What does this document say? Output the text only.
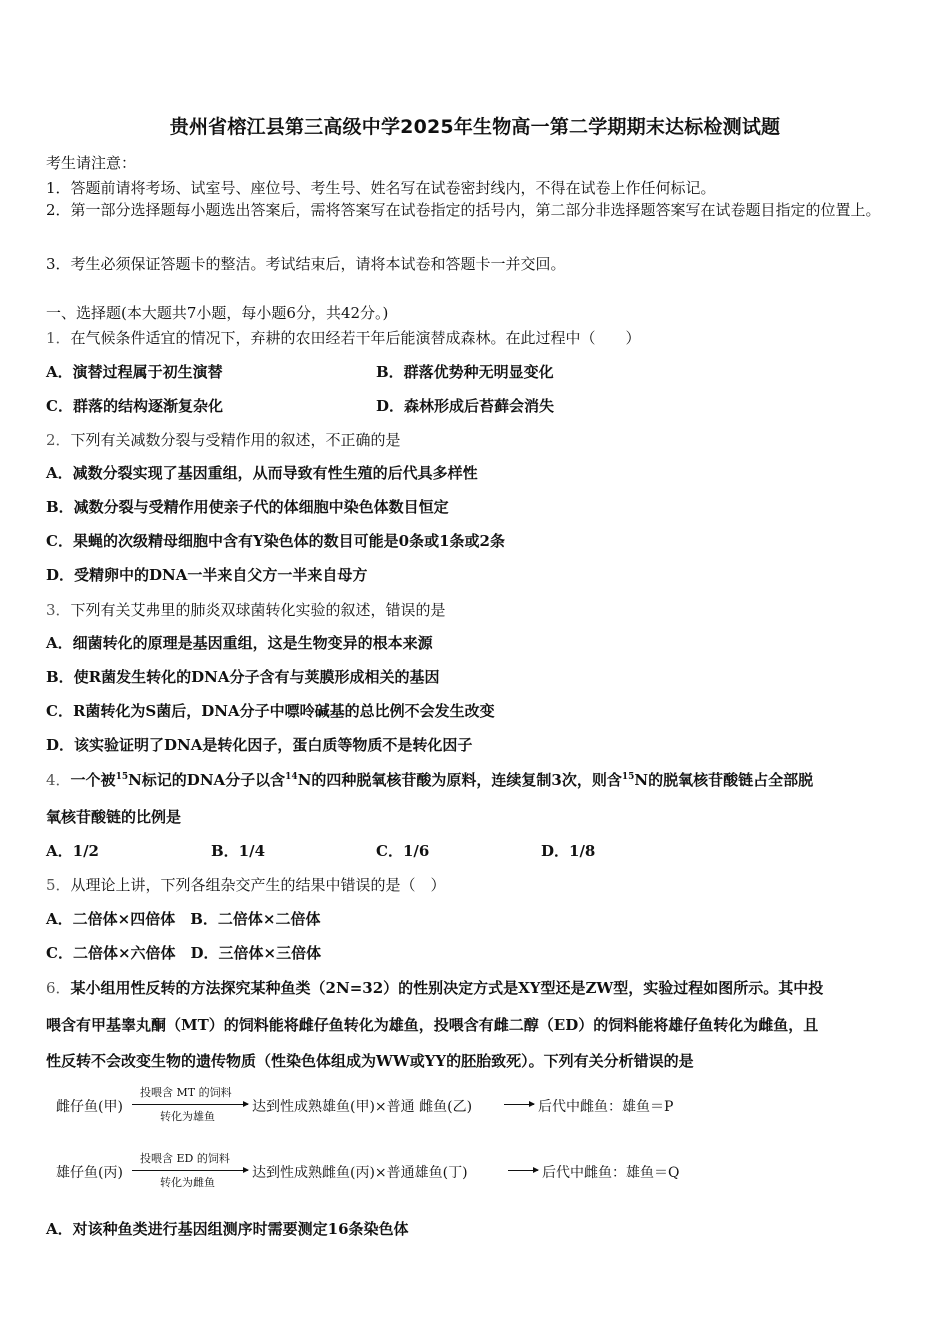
贵州省榕江县第三高级中学2025年生物高一第二学期期末达标检测试题
考生请注意：
1．答题前请将考场、试室号、座位号、考生号、姓名写在试卷密封线内，不得在试卷上作任何标记。
2．第一部分选择题每小题选出答案后，需将答案写在试卷指定的括号内，第二部分非选择题答案写在试卷题目指定的位置上。
3．考生必须保证答题卡的整洁。考试结束后，请将本试卷和答题卡一并交回。
一、选择题(本大题共7小题，每小题6分，共42分。)
1．在气候条件适宜的情况下，弃耕的农田经若干年后能演替成森林。在此过程中（　　）
A．演替过程属于初生演替	B．群落优势种无明显变化
C．群落的结构逐渐复杂化	D．森林形成后苔藓会消失
2．下列有关减数分裂与受精作用的叙述，不正确的是
A．减数分裂实现了基因重组，从而导致有性生殖的后代具多样性
B．减数分裂与受精作用使亲子代的体细胞中染色体数目恒定
C．果蝇的次级精母细胞中含有Y染色体的数目可能是0条或1条或2条
D．受精卵中的DNA一半来自父方一半来自母方
3．下列有关艾弗里的肺炎双球菌转化实验的叙述，错误的是
A．细菌转化的原理是基因重组，这是生物变异的根本来源
B．使R菌发生转化的DNA分子含有与荚膜形成相关的基因
C．R菌转化为S菌后，DNA分子中嘌呤碱基的总比例不会发生改变
D．该实验证明了DNA是转化因子，蛋白质等物质不是转化因子
4．一个被$^{15}$N标记的DNA分子以含$^{14}$N的四种脱氧核苷酸为原料，连续复制3次，则含$^{15}$N的脱氧核苷酸链占全部脱
氧核苷酸链的比例是
A．1/2	B．1/4	C．1/6	D．1/8
5．从理论上讲，下列各组杂交产生的结果中错误的是（　）
A．二倍体×四倍体　B．二倍体×二倍体
C．二倍体×六倍体　D．三倍体×三倍体
6．某小组用性反转的方法探究某种鱼类（2N=32）的性别决定方式是XY型还是ZW型，实验过程如图所示。其中投
喂含有甲基睾丸酮（MT）的饲料能将雌仔鱼转化为雄鱼，投喂含有雌二醇（ED）的饲料能将雄仔鱼转化为雌鱼，且
性反转不会改变生物的遗传物质（性染色体组成为WW或YY的胚胎致死）。下列有关分析错误的是
雌仔鱼(甲)
投喂含 MT 的饲料
转化为雄鱼
达到性成熟雄鱼(甲)×普通 雌鱼(乙)	后代中雌鱼：雄鱼＝P
雄仔鱼(丙)
投喂含 ED 的饲料
转化为雌鱼
达到性成熟雌鱼(丙)×普通雄鱼(丁)	后代中雌鱼：雄鱼＝Q
A．对该种鱼类进行基因组测序时需要测定16条染色体
